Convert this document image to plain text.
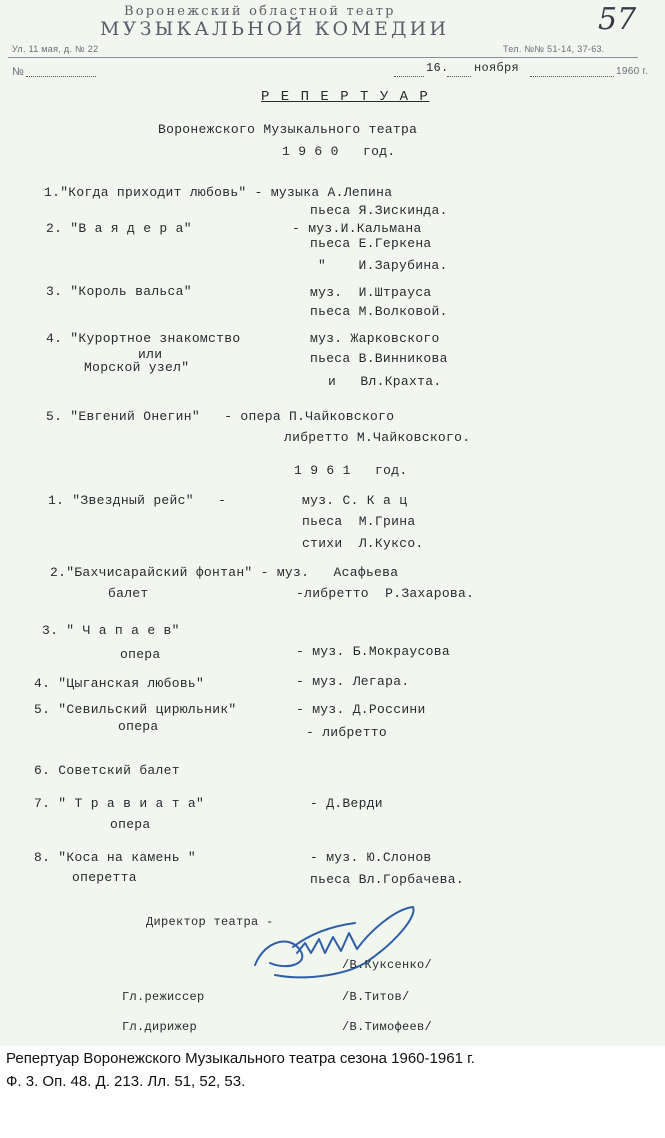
Воронежский областной театр
МУЗЫКАЛЬНОЙ КОМЕДИИ
Ул. 11 мая, д. № 22	Тел. №№ 51-14, 37-63.
№	16. ноября	1960 г.
57
Р Е П Е Р Т У А Р
Воронежского Музыкального театра
1 9 6 0   год.
1."Когда приходит любовь" - музыка А.Лепина
пьеса Я.Зискинда.
2. "В а я д е р а"	- муз.И.Кальмана
пьеса Е.Геркена
"    И.Зарубина.
3. "Король вальса"	муз.  И.Штрауса
пьеса М.Волковой.
4. "Курортное знакомство	муз. Жарковского
или	пьеса В.Винникова
Морской узел"
и   Вл.Крахта.
5. "Евгений Онегин"   - опера П.Чайковского
либретто М.Чайковского.
1 9 6 1   год.
1. "Звездный рейс"   -	муз. С. К а ц
пьеса  М.Грина
стихи  Л.Куксо.
2."Бахчисарайский фонтан" - муз.   Асафьева
балет	-либретто  Р.Захарова.
3. " Ч а п а е в"
опера	- муз. Б.Мокраусова
4. "Цыганская любовь"	- муз. Легара.
5. "Севильский цирюльник"	- муз. Д.Россини
опера	- либретто
6. Советский балет
7. " Т р а в и а т а"	- Д.Верди
опера
8. "Коса на камень "	- муз. Ю.Слонов
оперетта	пьеса Вл.Горбачева.
Директор театра -
/В.Куксенко/
Гл.режиссер	/В.Титов/
Гл.дирижер	/В.Тимофеев/
Репертуар Воронежского Музыкального театра сезона 1960-1961 г.
Ф. 3. Оп. 48. Д. 213. Лл. 51, 52, 53.
